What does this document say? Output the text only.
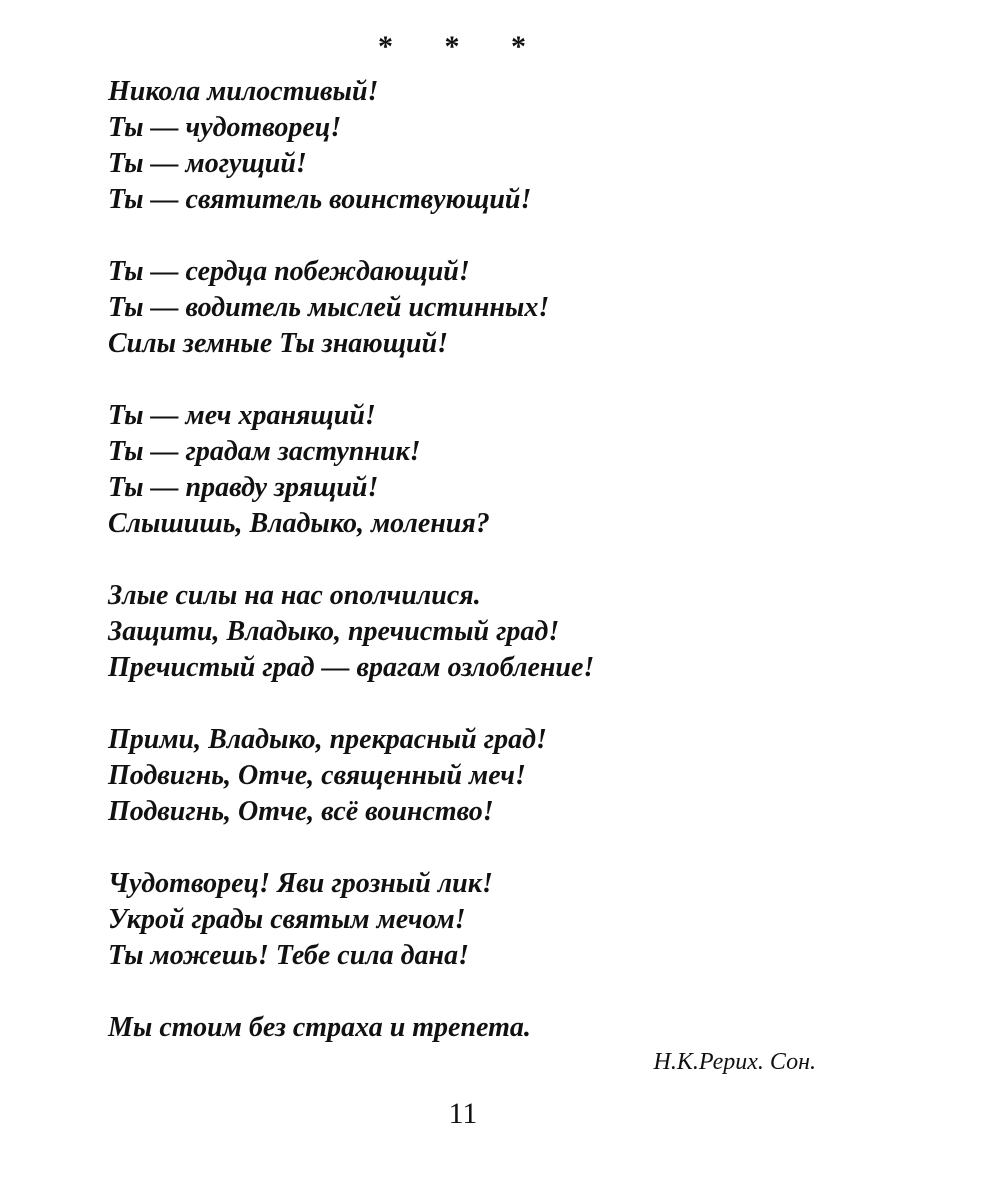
* * *
Никола милостивый!
Ты — чудотворец!
Ты — могущий!
Ты — святитель воинствующий!
Ты — сердца побеждающий!
Ты — водитель мыслей истинных!
Силы земные Ты знающий!
Ты — меч хранящий!
Ты — градам заступник!
Ты — правду зрящий!
Слышишь, Владыко, моления?
Злые силы на нас ополчилися.
Защити, Владыко, пречистый град!
Пречистый град — врагам озлобление!
Прими, Владыко, прекрасный град!
Подвигнь, Отче, священный меч!
Подвигнь, Отче, всё воинство!
Чудотворец! Яви грозный лик!
Укрой грады святым мечом!
Ты можешь! Тебе сила дана!
Мы стоим без страха и трепета.
Н.К.Рерих. Сон.
11
